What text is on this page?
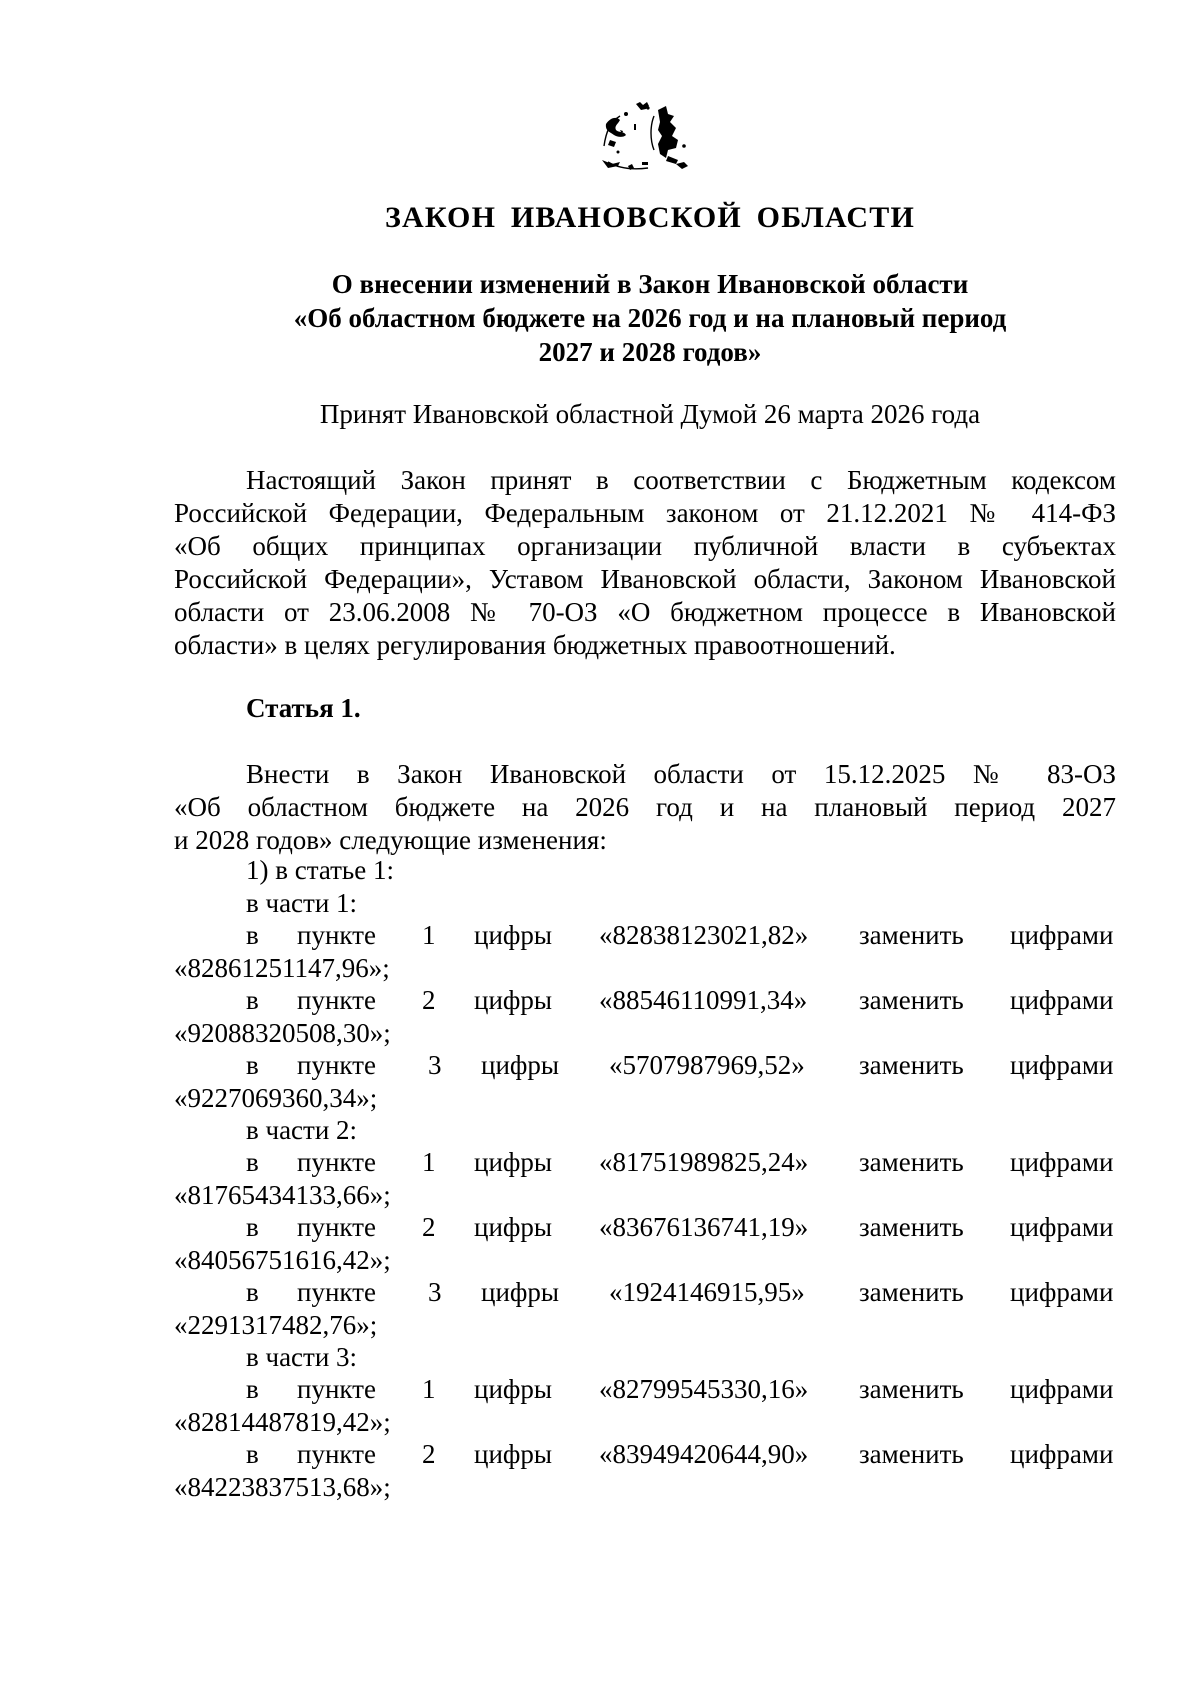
ЗАКОН ИВАНОВСКОЙ ОБЛАСТИ
О внесении изменений в Закон Ивановской области
«Об областном бюджете на 2026 год и на плановый период
2027 и 2028 годов»
Принят Ивановской областной Думой 26 марта 2026 года
Настоящий Закон принят в соответствии с Бюджетным кодексом
Российской Федерации, Федеральным законом от 21.12.2021 № 414-ФЗ
«Об общих принципах организации публичной власти в субъектах
Российской Федерации», Уставом Ивановской области, Законом Ивановской
области от 23.06.2008 № 70-ОЗ «О бюджетном процессе в Ивановской
области» в целях регулирования бюджетных правоотношений.
Статья 1.
Внести в Закон Ивановской области от 15.12.2025 № 83-ОЗ
«Об областном бюджете на 2026 год и на плановый период 2027
и 2028 годов» следующие изменения:
1) в статье 1:
в части 1:
в пункте 1 цифры «82838123021,82» заменить цифрами
«82861251147,96»;
в пункте 2 цифры «88546110991,34» заменить цифрами
«92088320508,30»;
в пункте 3 цифры «5707987969,52» заменить цифрами
«9227069360,34»;
в части 2:
в пункте 1 цифры «81751989825,24» заменить цифрами
«81765434133,66»;
в пункте 2 цифры «83676136741,19» заменить цифрами
«84056751616,42»;
в пункте 3 цифры «1924146915,95» заменить цифрами
«2291317482,76»;
в части 3:
в пункте 1 цифры «82799545330,16» заменить цифрами
«82814487819,42»;
в пункте 2 цифры «83949420644,90» заменить цифрами
«84223837513,68»;
